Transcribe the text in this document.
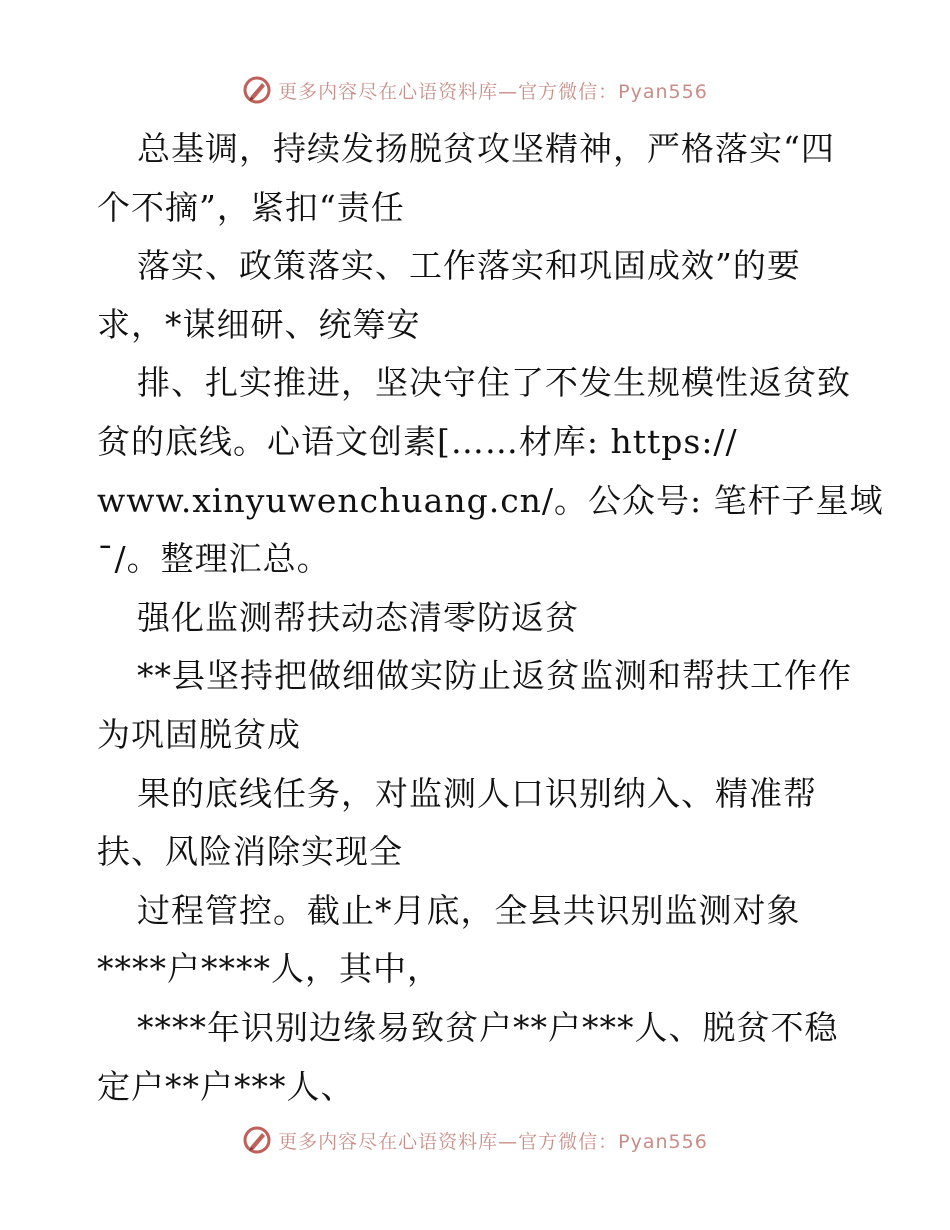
更多内容尽在心语资料库—官方微信：Pyan556
总基调，持续发扬脱贫攻坚精神，严格落实“四
个不摘”，紧扣“责任
落实、政策落实、工作落实和巩固成效”的要
求，*谋细研、统筹安
排、扎实推进，坚决守住了不发生规模性返贫致
贫的底线。心语文创素[……材库: https://
www.xinyuwenchuang.cn/。公众号: 笔杆子星域
¯/。整理汇总。
强化监测帮扶动态清零防返贫
**县坚持把做细做实防止返贫监测和帮扶工作作
为巩固脱贫成
果的底线任务，对监测人口识别纳入、精准帮
扶、风险消除实现全
过程管控。截止*月底，全县共识别监测对象
****户****人，其中，
****年识别边缘易致贫户**户***人、脱贫不稳
定户**户***人、
更多内容尽在心语资料库—官方微信：Pyan556
